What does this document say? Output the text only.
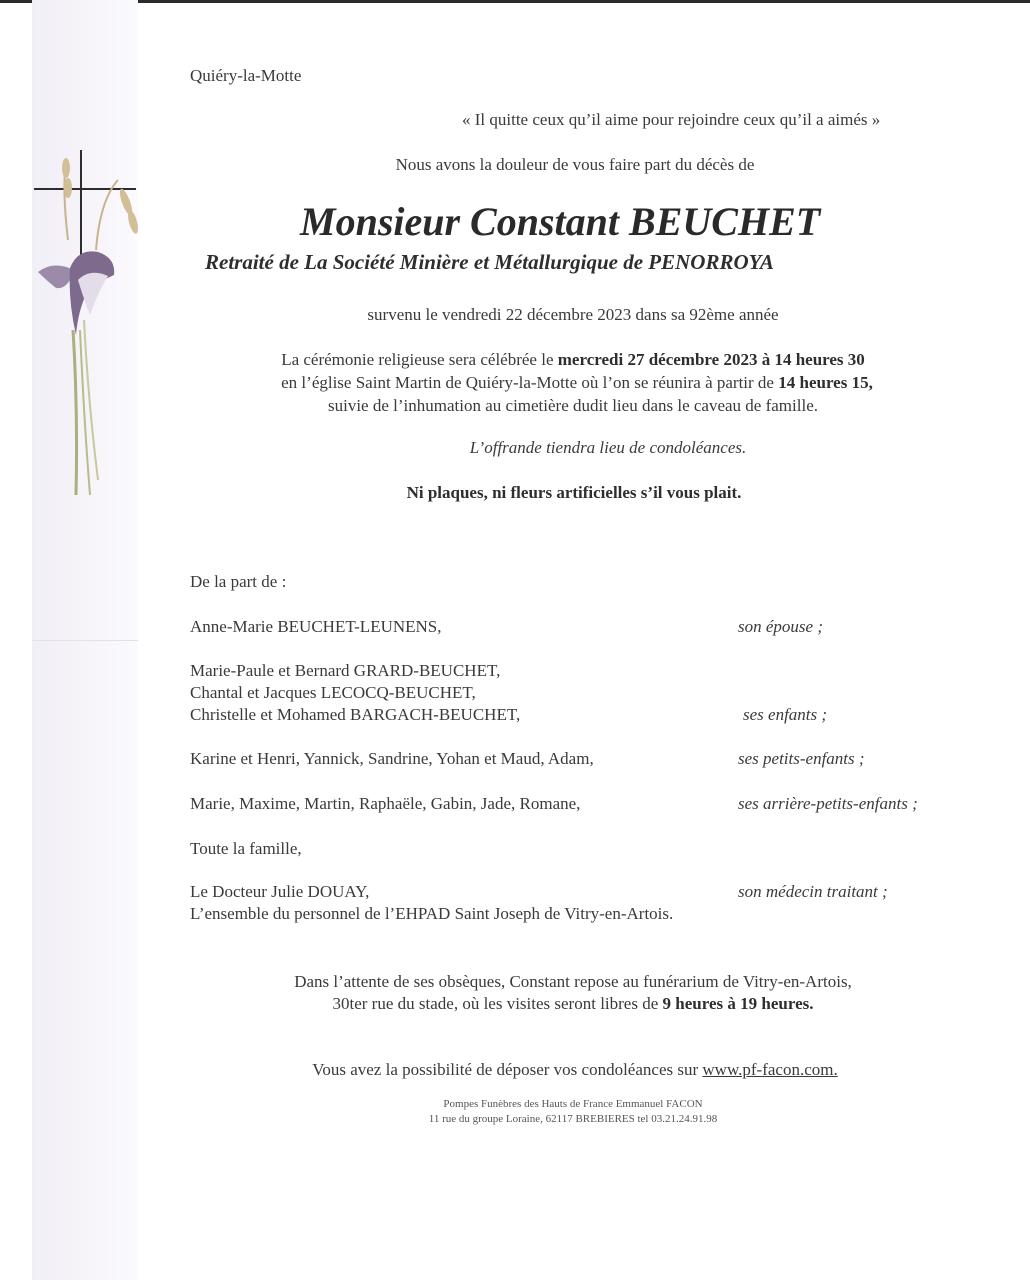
Quiéry-la-Motte
« Il quitte ceux qu’il aime pour rejoindre ceux qu’il a aimés »
Nous avons la douleur de vous faire part du décès de
Monsieur Constant BEUCHET
Retraité de La Société Minière et Métallurgique de PENORROYA
survenu le vendredi 22 décembre 2023 dans sa 92ème année
La cérémonie religieuse sera célébrée le mercredi 27 décembre 2023 à 14 heures 30
en l’église Saint Martin de Quiéry-la-Motte où l’on se réunira à partir de 14 heures 15,
suivie de l’inhumation au cimetière dudit lieu dans le caveau de famille.
L’offrande tiendra lieu de condoléances.
Ni plaques, ni fleurs artificielles s’il vous plait.
De la part de :
Anne-Marie BEUCHET-LEUNENS,	son épouse ;
Marie-Paule et Bernard GRARD-BEUCHET,
Chantal et Jacques LECOCQ-BEUCHET,
Christelle et Mohamed BARGACH-BEUCHET,	ses enfants ;
Karine et Henri, Yannick, Sandrine, Yohan et Maud, Adam,	ses petits-enfants ;
Marie, Maxime, Martin, Raphaële, Gabin, Jade, Romane,	ses arrière-petits-enfants ;
Toute la famille,
Le Docteur Julie DOUAY,	son médecin traitant ;
L’ensemble du personnel de l’EHPAD Saint Joseph de Vitry-en-Artois.
Dans l’attente de ses obsèques, Constant repose au funérarium de Vitry-en-Artois,
30ter rue du stade, où les visites seront libres de 9 heures à 19 heures.
Vous avez la possibilité de déposer vos condoléances sur www.pf-facon.com.
Pompes Funèbres des Hauts de France Emmanuel FACON
11 rue du groupe Loraine, 62117 BREBIERES tel 03.21.24.91.98
